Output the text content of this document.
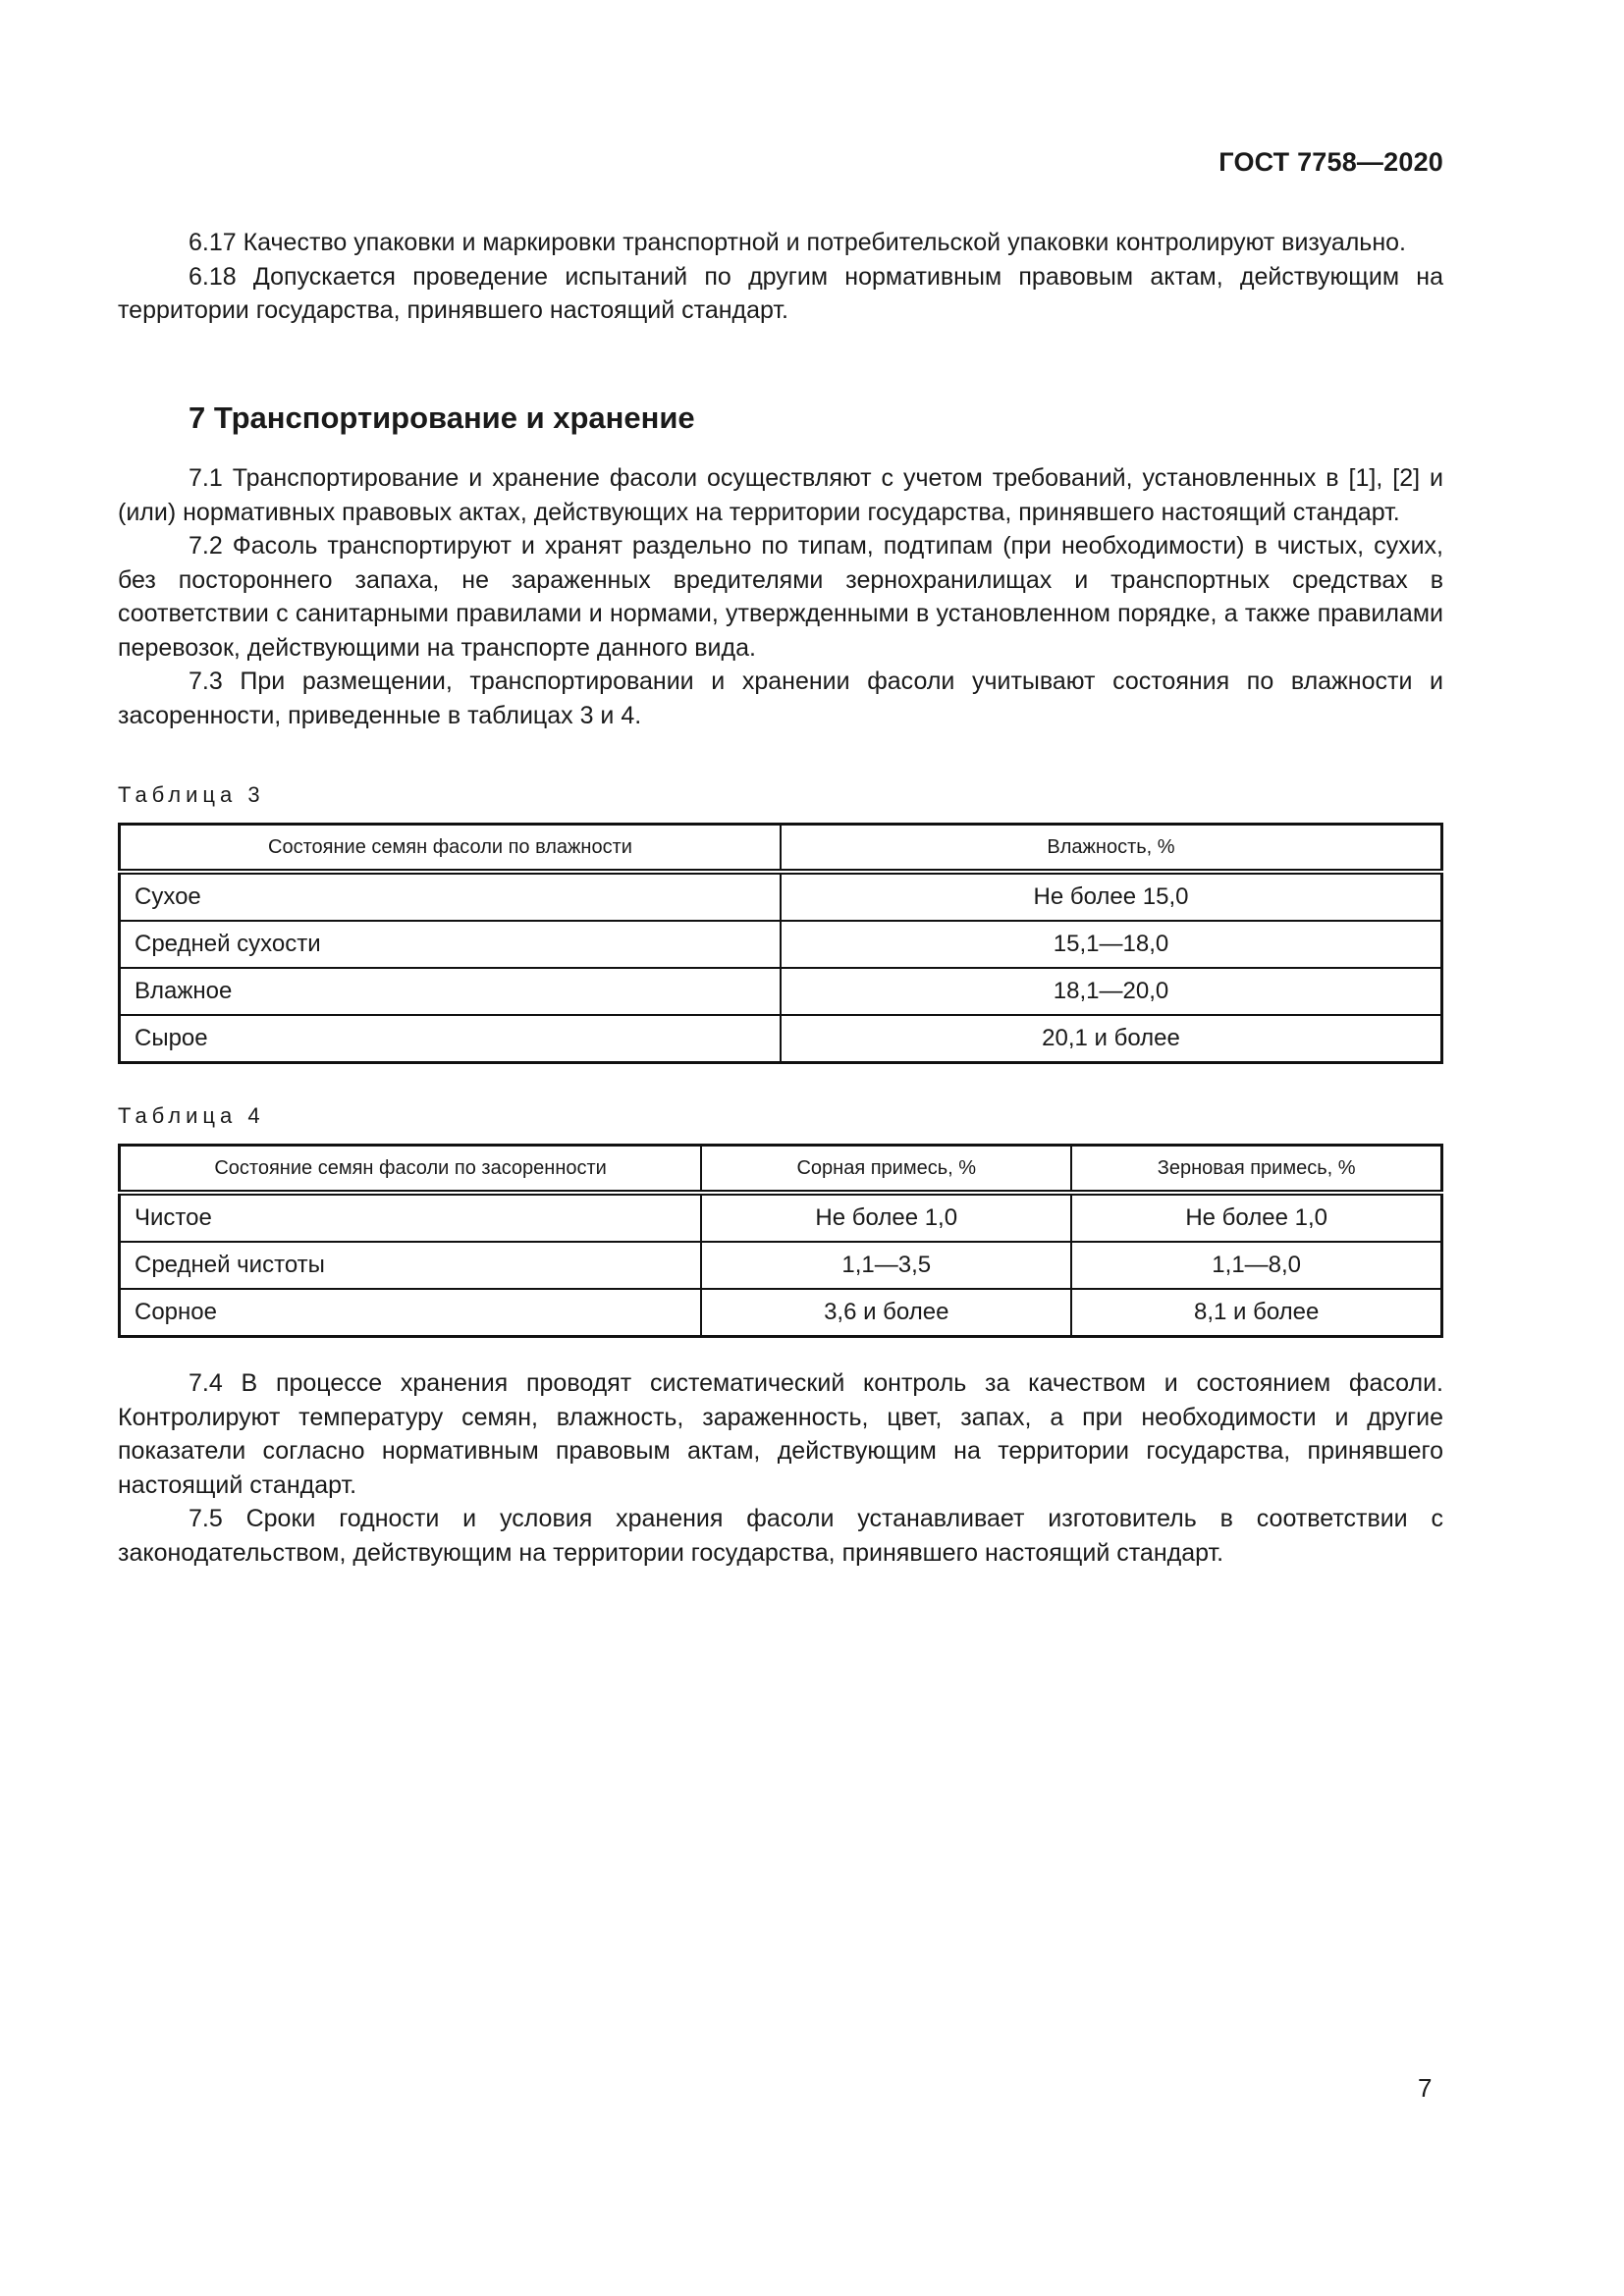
ГОСТ 7758—2020

6.17 Качество упаковки и маркировки транспортной и потребительской упаковки контролируют визуально.

6.18 Допускается проведение испытаний по другим нормативным правовым актам, действующим на территории государства, принявшего настоящий стандарт.

7 Транспортирование и хранение

7.1 Транспортирование и хранение фасоли осуществляют с учетом требований, установленных в [1], [2] и (или) нормативных правовых актах, действующих на территории государства, принявшего настоящий стандарт.

7.2 Фасоль транспортируют и хранят раздельно по типам, подтипам (при необходимости) в чистых, сухих, без постороннего запаха, не зараженных вредителями зернохранилищах и транспортных средствах в соответствии с санитарными правилами и нормами, утвержденными в установленном порядке, а также правилами перевозок, действующими на транспорте данного вида.

7.3 При размещении, транспортировании и хранении фасоли учитывают состояния по влажности и засоренности, приведенные в таблицах 3 и 4.

Таблица 3
Состояние семян фасоли по влажности	Влажность, %
Сухое	Не более 15,0
Средней сухости	15,1—18,0
Влажное	18,1—20,0
Сырое	20,1 и более
Таблица 4
Состояние семян фасоли по засоренности	Сорная примесь, %	Зерновая примесь, %
Чистое	Не более 1,0	Не более 1,0
Средней чистоты	1,1—3,5	1,1—8,0
Сорное	3,6 и более	8,1 и более

7.4 В процессе хранения проводят систематический контроль за качеством и состоянием фасоли. Контролируют температуру семян, влажность, зараженность, цвет, запах, а при необходимости и другие показатели согласно нормативным правовым актам, действующим на территории государства, принявшего настоящий стандарт.

7.5 Сроки годности и условия хранения фасоли устанавливает изготовитель в соответствии с законодательством, действующим на территории государства, принявшего настоящий стандарт.

7
